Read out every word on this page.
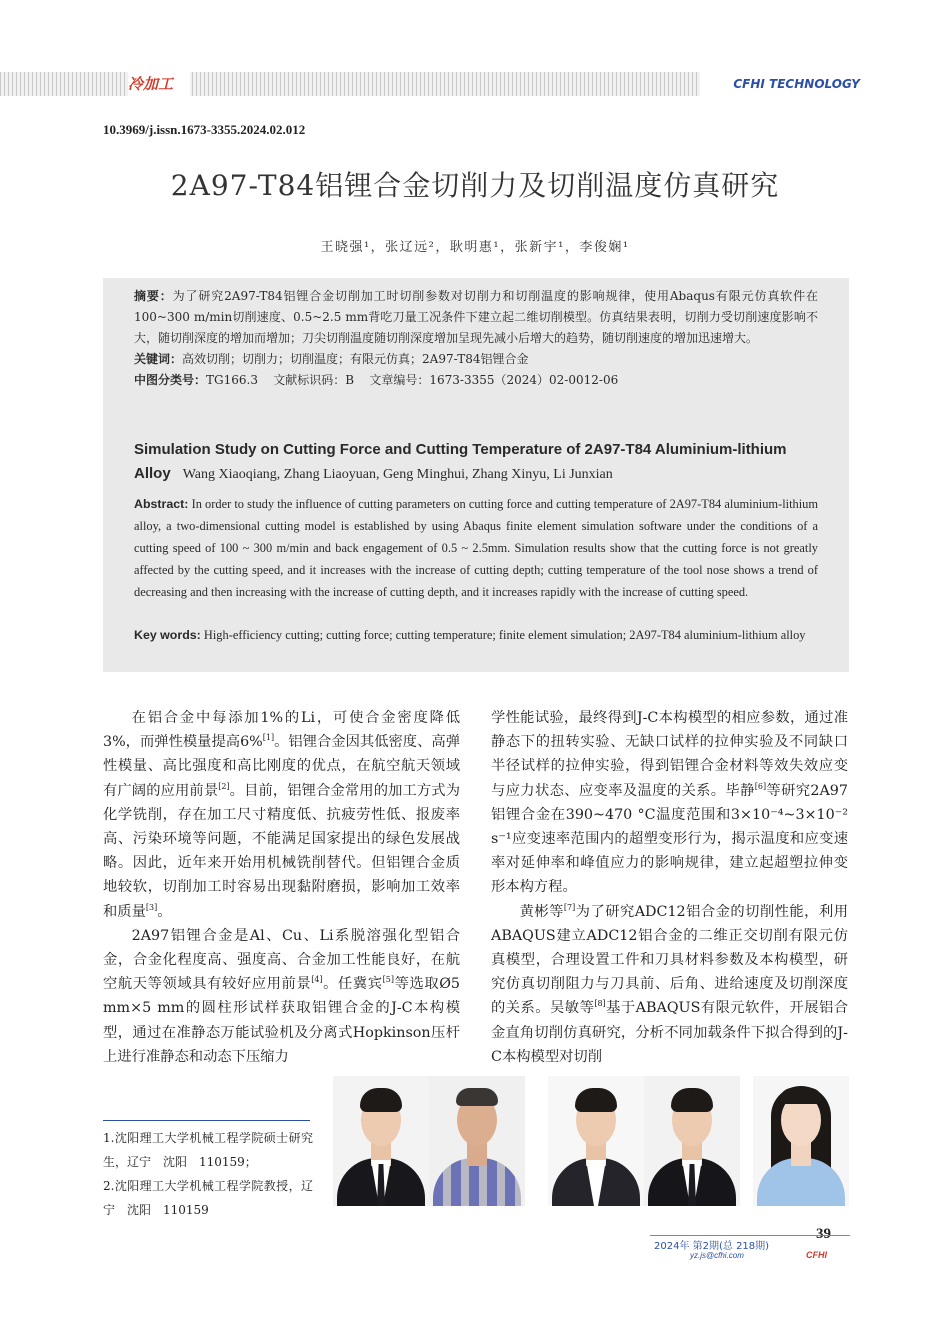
冷加工	CFHI TECHNOLOGY
10.3969/j.issn.1673-3355.2024.02.012
2A97-T84铝锂合金切削力及切削温度仿真研究
王晓强¹，张辽远²，耿明惠¹，张新宇¹，李俊娴¹

摘要：为了研究2A97-T84铝锂合金切削加工时切削参数对切削力和切削温度的影响规律，使用Abaqus有限元仿真软件在100~300 m/min切削速度、0.5~2.5 mm背吃刀量工况条件下建立起二维切削模型。仿真结果表明，切削力受切削速度影响不大，随切削深度的增加而增加；刀尖切削温度随切削深度增加呈现先减小后增大的趋势，随切削速度的增加迅速增大。

关键词：高效切削；切削力；切削温度；有限元仿真；2A97-T84铝锂合金

中图分类号：TG166.3 文献标识码：B 文章编号：1673-3355（2024）02-0012-06

Simulation Study on Cutting Force and Cutting Temperature of 2A97-T84 Aluminium-lithium Alloy Wang Xiaoqiang, Zhang Liaoyuan, Geng Minghui, Zhang Xinyu, Li Junxian
Abstract: In order to study the influence of cutting parameters on cutting force and cutting temperature of 2A97-T84 aluminium-lithium alloy, a two-dimensional cutting model is established by using Abaqus finite element simulation software under the conditions of a cutting speed of 100 ~ 300 m/min and back engagement of 0.5 ~ 2.5mm. Simulation results show that the cutting force is not greatly affected by the cutting speed, and it increases with the increase of cutting depth; cutting temperature of the tool nose shows a trend of decreasing and then increasing with the increase of cutting depth, and it increases rapidly with the increase of cutting speed.
Key words: High-efficiency cutting; cutting force; cutting temperature; finite element simulation; 2A97-T84 aluminium-lithium alloy

在铝合金中每添加1%的Li，可使合金密度降低3%，而弹性模量提高6%[1]。铝锂合金因其低密度、高弹性模量、高比强度和高比刚度的优点，在航空航天领域有广阔的应用前景[2]。目前，铝锂合金常用的加工方式为化学铣削，存在加工尺寸精度低、抗疲劳性低、报废率高、污染环境等问题，不能满足国家提出的绿色发展战略。因此，近年来开始用机械铣削替代。但铝锂合金质地较软，切削加工时容易出现黏附磨损，影响加工效率和质量[3]。

2A97铝锂合金是Al、Cu、Li系脱溶强化型铝合金，合金化程度高、强度高、合金加工性能良好，在航空航天等领域具有较好应用前景[4]。任冀宾[5]等选取Ø5 mm×5 mm的圆柱形试样获取铝锂合金的J-C本构模型，通过在准静态万能试验机及分离式Hopkinson压杆上进行准静态和动态下压缩力

学性能试验，最终得到J-C本构模型的相应参数，通过准静态下的扭转实验、无缺口试样的拉伸实验及不同缺口半径试样的拉伸实验，得到铝锂合金材料等效失效应变与应力状态、应变率及温度的关系。毕静[6]等研究2A97铝锂合金在390~470 °C温度范围和3×10⁻⁴~3×10⁻² s⁻¹应变速率范围内的超塑变形行为，揭示温度和应变速率对延伸率和峰值应力的影响规律，建立起超塑拉伸变形本构方程。

黄彬等[7]为了研究ADC12铝合金的切削性能，利用ABAQUS建立ADC12铝合金的二维正交切削有限元仿真模型，合理设置工件和刀具材料参数及本构模型，研究仿真切削阻力与刀具前、后角、进给速度及切削深度的关系。吴敏等[8]基于ABAQUS有限元软件，开展铝合金直角切削仿真研究，分析不同加载条件下拟合得到的J-C本构模型对切削

1.沈阳理工大学机械工程学院硕士研究生，辽宁　沈阳　110159；
2.沈阳理工大学机械工程学院教授，辽宁　沈阳　110159
39
2024年 第2期(总 218期)
yz.js@cfhi.com	CFHI
